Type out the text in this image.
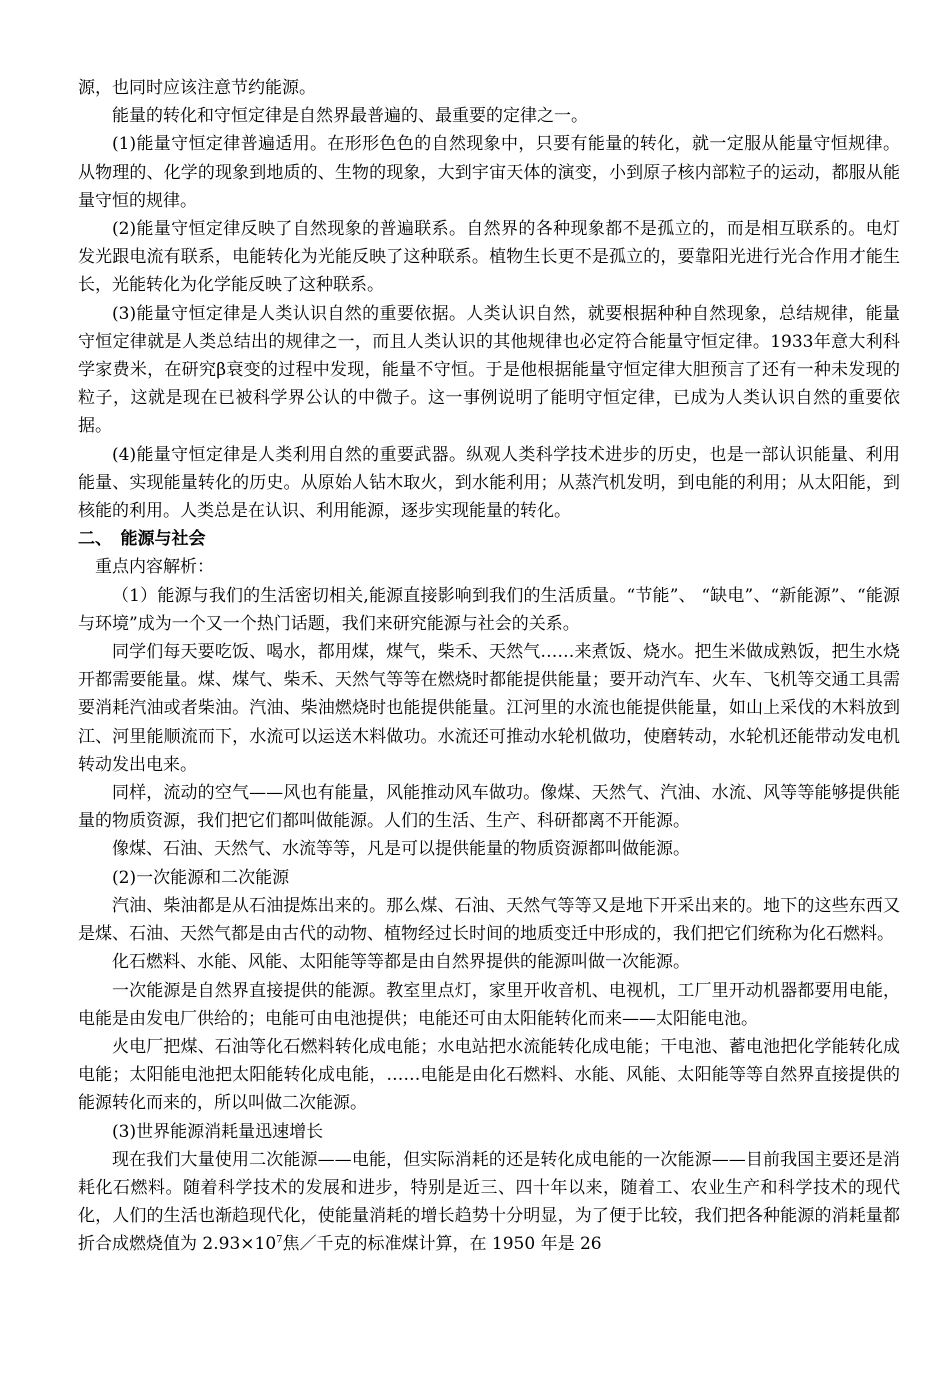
源，也同时应该注意节约能源。

能量的转化和守恒定律是自然界最普遍的、最重要的定律之一。

(1)能量守恒定律普遍适用。在形形色色的自然现象中，只要有能量的转化，就一定服从能量守恒规律。从物理的、化学的现象到地质的、生物的现象，大到宇宙天体的演变，小到原子核内部粒子的运动，都服从能量守恒的规律。

(2)能量守恒定律反映了自然现象的普遍联系。自然界的各种现象都不是孤立的，而是相互联系的。电灯发光跟电流有联系，电能转化为光能反映了这种联系。植物生长更不是孤立的，要靠阳光进行光合作用才能生长，光能转化为化学能反映了这种联系。

(3)能量守恒定律是人类认识自然的重要依据。人类认识自然，就要根据种种自然现象，总结规律，能量守恒定律就是人类总结出的规律之一，而且人类认识的其他规律也必定符合能量守恒定律。1933年意大利科学家费米，在研究β衰变的过程中发现，能量不守恒。于是他根据能量守恒定律大胆预言了还有一种未发现的粒子，这就是现在已被科学界公认的中微子。这一事例说明了能明守恒定律，已成为人类认识自然的重要依据。

(4)能量守恒定律是人类利用自然的重要武器。纵观人类科学技术进步的历史，也是一部认识能量、利用能量、实现能量转化的历史。从原始人钻木取火，到水能利用；从蒸汽机发明，到电能的利用；从太阳能，到核能的利用。人类总是在认识、利用能源，逐步实现能量的转化。

二、　能源与社会

重点内容解析：

（1）能源与我们的生活密切相关,能源直接影响到我们的生活质量。“节能”、 “缺电”、“新能源”、“能源与环境”成为一个又一个热门话题，我们来研究能源与社会的关系。

同学们每天要吃饭、喝水，都用煤，煤气，柴禾、天然气……来煮饭、烧水。把生米做成熟饭，把生水烧开都需要能量。煤、煤气、柴禾、天然气等等在燃烧时都能提供能量；要开动汽车、火车、飞机等交通工具需要消耗汽油或者柴油。汽油、柴油燃烧时也能提供能量。江河里的水流也能提供能量，如山上采伐的木料放到江、河里能顺流而下，水流可以运送木料做功。水流还可推动水轮机做功，使磨转动，水轮机还能带动发电机转动发出电来。

同样，流动的空气——风也有能量，风能推动风车做功。像煤、天然气、汽油、水流、风等等能够提供能量的物质资源，我们把它们都叫做能源。人们的生活、生产、科研都离不开能源。

像煤、石油、天然气、水流等等，凡是可以提供能量的物质资源都叫做能源。

(2)一次能源和二次能源

汽油、柴油都是从石油提炼出来的。那么煤、石油、天然气等等又是地下开采出来的。地下的这些东西又是煤、石油、天然气都是由古代的动物、植物经过长时间的地质变迁中形成的，我们把它们统称为化石燃料。

化石燃料、水能、风能、太阳能等等都是由自然界提供的能源叫做一次能源。

一次能源是自然界直接提供的能源。教室里点灯，家里开收音机、电视机，工厂里开动机器都要用电能，电能是由发电厂供给的；电能可由电池提供；电能还可由太阳能转化而来——太阳能电池。

火电厂把煤、石油等化石燃料转化成电能；水电站把水流能转化成电能；干电池、蓄电池把化学能转化成电能；太阳能电池把太阳能转化成电能，……电能是由化石燃料、水能、风能、太阳能等等自然界直接提供的能源转化而来的，所以叫做二次能源。

(3)世界能源消耗量迅速增长

现在我们大量使用二次能源——电能，但实际消耗的还是转化成电能的一次能源——目前我国主要还是消耗化石燃料。随着科学技术的发展和进步，特别是近三、四十年以来，随着工、农业生产和科学技术的现代化，人们的生活也渐趋现代化，使能量消耗的增长趋势十分明显，为了便于比较，我们把各种能源的消耗量都折合成燃烧值为 $2.93\times 10^7$焦／千克的标准煤计算，在 1950 年是 26
